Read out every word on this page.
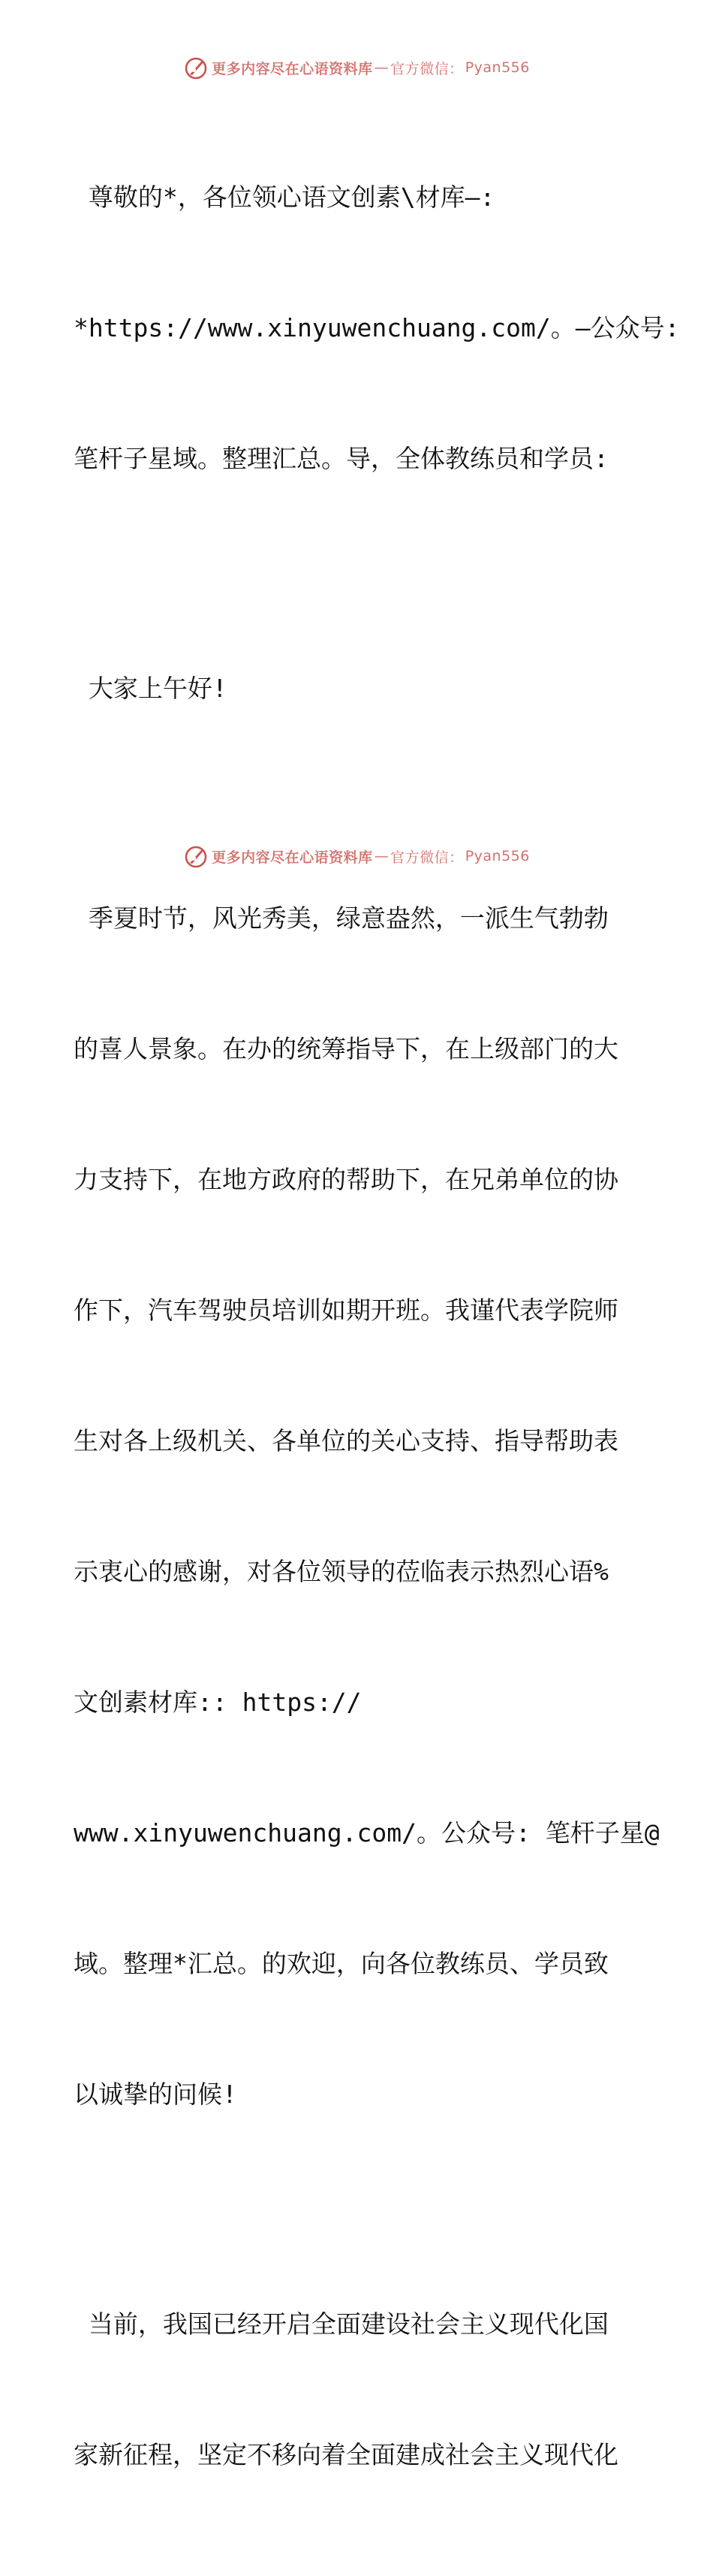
更多内容尽在心语资料库 — 官方微信： Pyan556

尊敬的*，各位领心语文创素\材库—:

*https://www.xinyuwenchuang.com/。—公众号:

笔杆子星域。整理汇总。导，全体教练员和学员:

大家上午好!

季夏时节，风光秀美，绿意盎然，一派生气勃勃

的喜人景象。在办的统筹指导下，在上级部门的大

力支持下，在地方政府的帮助下，在兄弟单位的协

作下，汽车驾驶员培训如期开班。我谨代表学院师

生对各上级机关、各单位的关心支持、指导帮助表

示衷心的感谢，对各位领导的莅临表示热烈心语%

文创素材库:: https://

www.xinyuwenchuang.com/。公众号: 笔杆子星@

域。整理*汇总。的欢迎，向各位教练员、学员致

以诚挚的问候!

当前，我国已经开启全面建设社会主义现代化国

家新征程，坚定不移向着全面建成社会主义现代化

更多内容尽在心语资料库 — 官方微信： Pyan556
